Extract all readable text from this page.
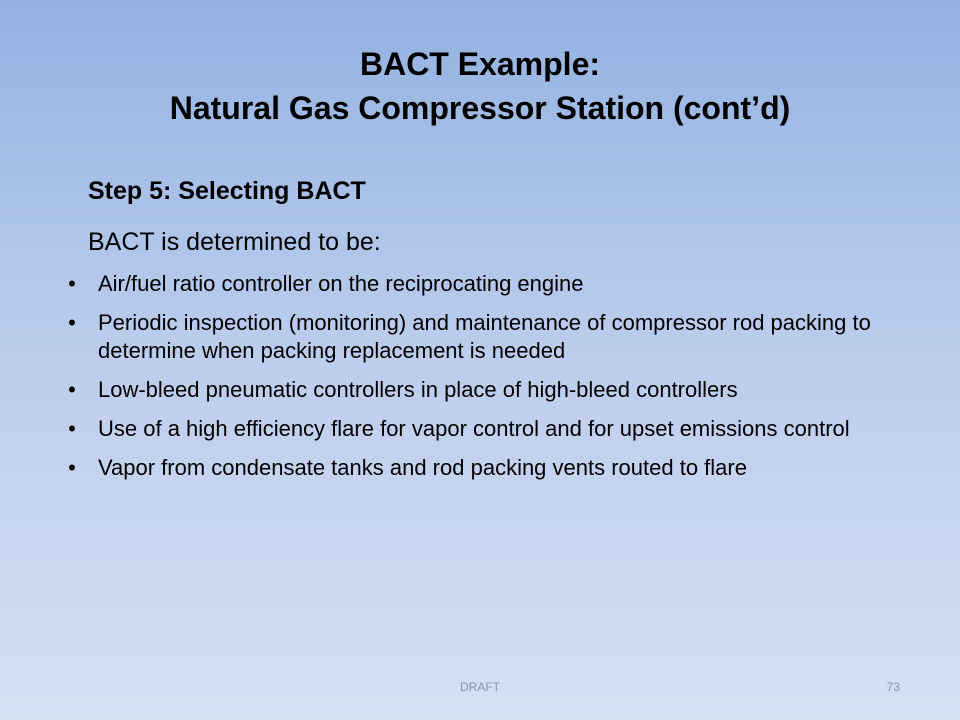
BACT Example:
Natural Gas Compressor Station (cont’d)
Step 5: Selecting BACT
BACT is determined to be:
• Air/fuel ratio controller on the reciprocating engine
• Periodic inspection (monitoring) and maintenance of compressor rod packing to determine when packing replacement is needed
• Low-bleed pneumatic controllers in place of high-bleed controllers
• Use of a high efficiency flare for vapor control and for upset emissions control
• Vapor from condensate tanks and rod packing vents routed to flare
DRAFT	73
